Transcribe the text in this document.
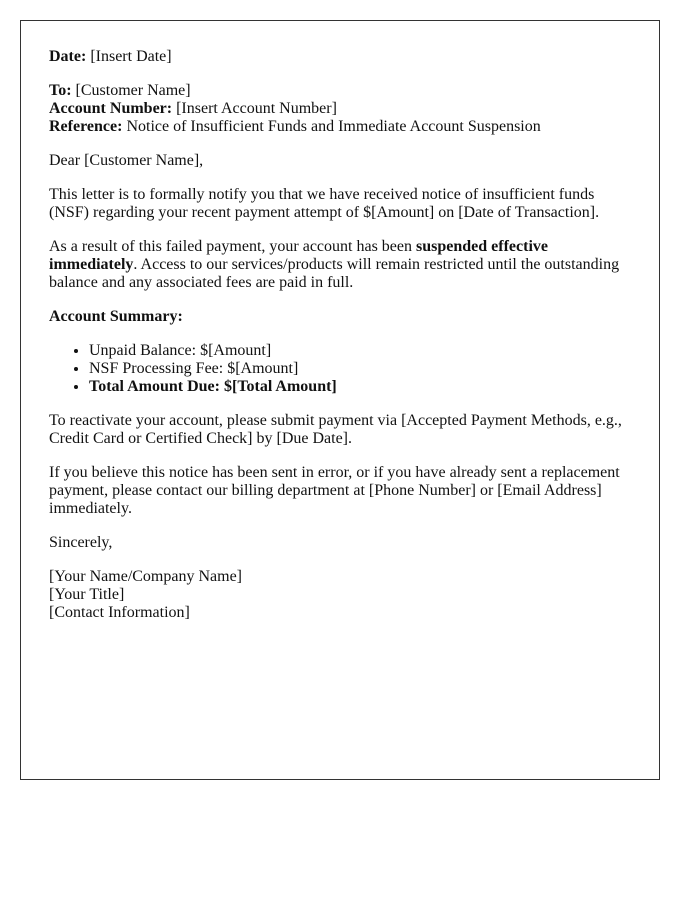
Date: [Insert Date]

To: [Customer Name]
Account Number: [Insert Account Number]
Reference: Notice of Insufficient Funds and Immediate Account Suspension

Dear [Customer Name],

This letter is to formally notify you that we have received notice of insufficient funds (NSF) regarding your recent payment attempt of $[Amount] on [Date of Transaction].

As a result of this failed payment, your account has been suspended effective immediately. Access to our services/products will remain restricted until the outstanding balance and any associated fees are paid in full.

Account Summary:

• Unpaid Balance: $[Amount]
• NSF Processing Fee: $[Amount]
• Total Amount Due: $[Total Amount]

To reactivate your account, please submit payment via [Accepted Payment Methods, e.g., Credit Card or Certified Check] by [Due Date].

If you believe this notice has been sent in error, or if you have already sent a replacement payment, please contact our billing department at [Phone Number] or [Email Address] immediately.

Sincerely,

[Your Name/Company Name]

[Your Title]

[Contact Information]
